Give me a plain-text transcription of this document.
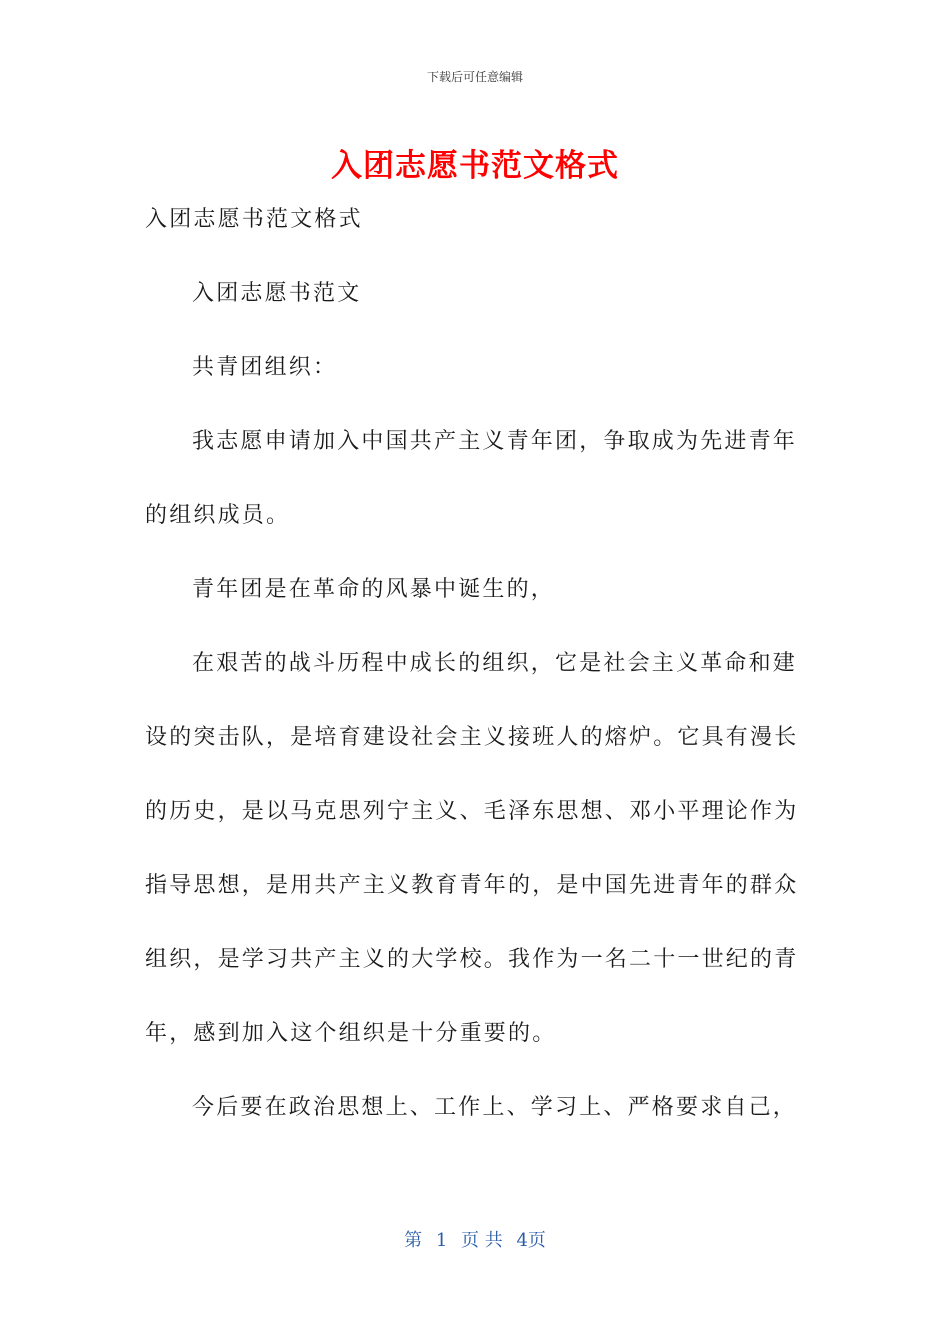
下载后可任意编辑
入团志愿书范文格式
入团志愿书范文格式
入团志愿书范文
共青团组织：
我志愿申请加入中国共产主义青年团，争取成为先进青年
的组织成员。
青年团是在革命的风暴中诞生的，
在艰苦的战斗历程中成长的组织，它是社会主义革命和建
设的突击队，是培育建设社会主义接班人的熔炉。它具有漫长
的历史，是以马克思列宁主义、毛泽东思想、邓小平理论作为
指导思想，是用共产主义教育青年的，是中国先进青年的群众
组织，是学习共产主义的大学校。我作为一名二十一世纪的青
年，感到加入这个组织是十分重要的。
今后要在政治思想上、工作上、学习上、严格要求自己，
第 1 页 共 4页
